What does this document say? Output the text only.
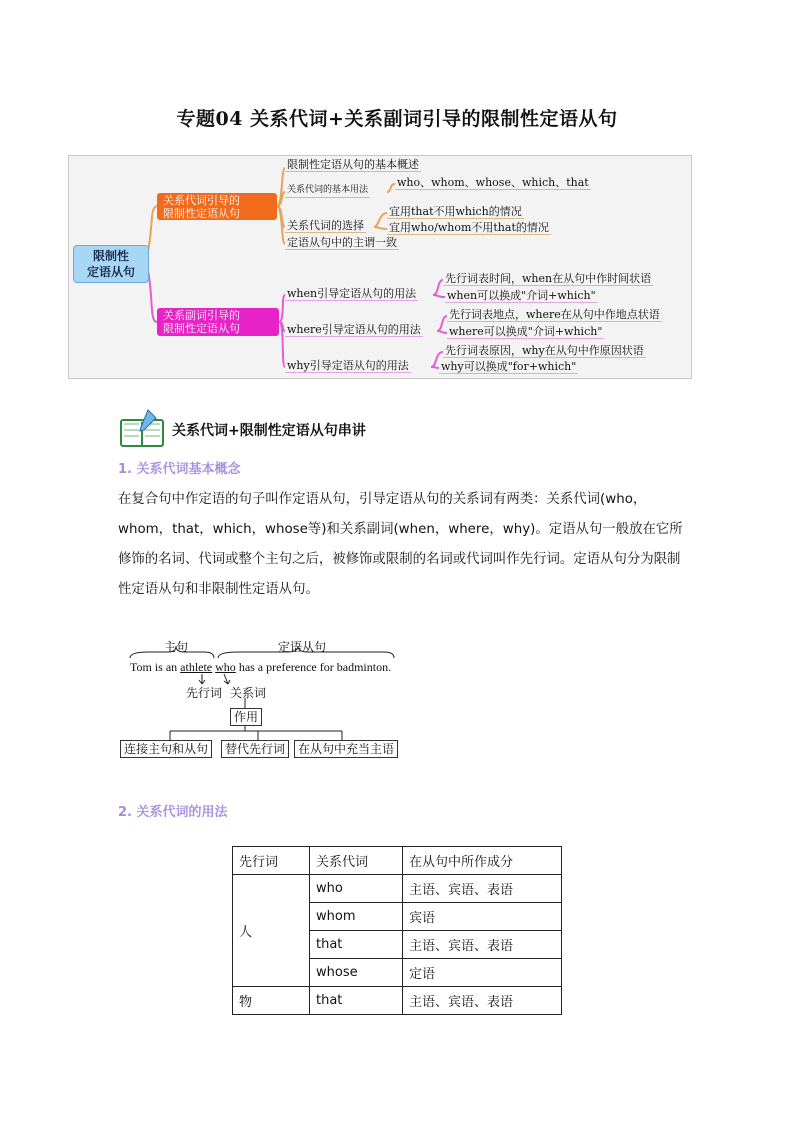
专题04 关系代词+关系副词引导的限制性定语从句
限制性
定语从句
关系代词引导的
限制性定语从句
关系副词引导的
限制性定语从句
限制性定语从句的基本概述
关系代词的基本用法
who、whom、whose、which、that
关系代词的选择
宜用that不用which的情况
宜用who/whom不用that的情况
定语从句中的主谓一致
when引导定语从句的用法
先行词表时间，when在从句中作时间状语
when可以换成"介词+which"
where引导定语从句的用法
先行词表地点，where在从句中作地点状语
where可以换成"介词+which"
why引导定语从句的用法
先行词表原因，why在从句中作原因状语
why可以换成"for+which"
关系代词+限制性定语从句串讲
1. 关系代词基本概念
在复合句中作定语的句子叫作定语从句，引导定语从句的关系词有两类：关系代词(who，whom，that，which，whose等)和关系副词(when，where，why)。定语从句一般放在它所修饰的名词、代词或整个主句之后，被修饰或限制的名词或代词叫作先行词。定语从句分为限制性定语从句和非限制性定语从句。
主句	定语从句
Tom is an athlete who has a preference for badminton.
先行词 关系词
作用
连接主句和从句	替代先行词	在从句中充当主语
2. 关系代词的用法
先行词	关系代词	在从句中所作成分
人	who	主语、宾语、表语
	whom	宾语
	that	主语、宾语、表语
	whose	定语
物	that	主语、宾语、表语
